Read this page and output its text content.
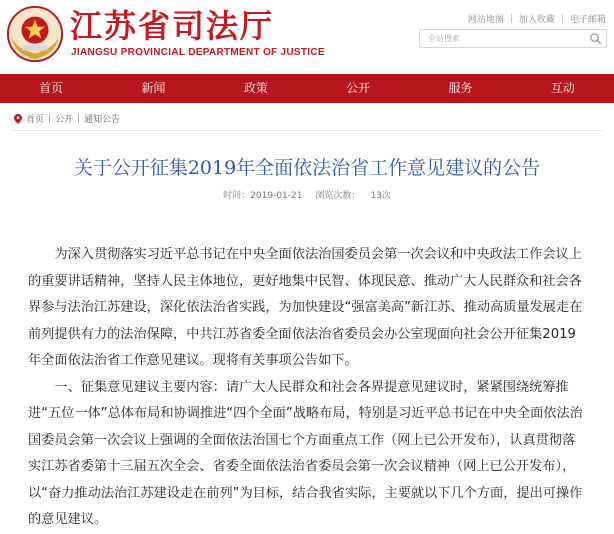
江苏省司法厅
JIANGSU PROVINCIAL DEPARTMENT OF JUSTICE
网站地图 | 加入收藏 | 电子邮箱
全站搜索
首页	新闻	政策	公开	服务	互动
首页 | 公开 | 通知公告
关于公开征集2019年全面依法治省工作意见建议的公告
时间：2019-01-21 浏览次数： 13次

为深入贯彻落实习近平总书记在中央全面依法治国委员会第一次会议和中央政法工作会议上的重要讲话精神，坚持人民主体地位，更好地集中民智、体现民意、推动广大人民群众和社会各界参与法治江苏建设，深化依法治省实践，为加快建设“强富美高”新江苏、推动高质量发展走在前列提供有力的法治保障，中共江苏省委全面依法治省委员会办公室现面向社会公开征集2019年全面依法治省工作意见建议。现将有关事项公告如下。

一、征集意见建议主要内容：请广大人民群众和社会各界提意见建议时，紧紧围绕统筹推进“五位一体”总体布局和协调推进“四个全面”战略布局，特别是习近平总书记在中央全面依法治国委员会第一次会议上强调的全面依法治国七个方面重点工作（网上已公开发布），认真贯彻落实江苏省委第十三届五次全会、省委全面依法治省委员会第一次会议精神（网上已公开发布），以“奋力推动法治江苏建设走在前列”为目标，结合我省实际，主要就以下几个方面，提出可操作的意见建议。
